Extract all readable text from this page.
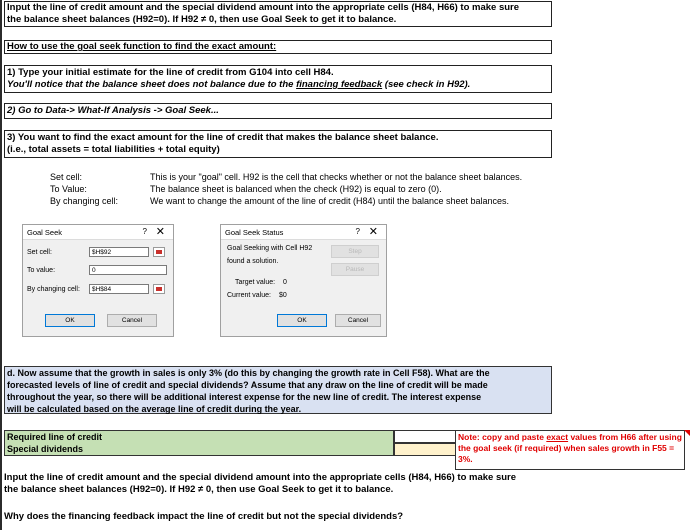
Input the line of credit amount and the special dividend amount into the appropriate cells (H84, H66) to make sure
the balance sheet balances (H92=0). If H92 ≠ 0, then use Goal Seek to get it to balance.
How to use the goal seek function to find the exact amount:
1) Type your initial estimate for the line of credit from G104 into cell H84.
You'll notice that the balance sheet does not balance due to the financing feedback (see check in H92).
2) Go to Data-> What-If Analysis -> Goal Seek...
3) You want to find the exact amount for the line of credit that makes the balance sheet balance.
(i.e., total assets = total liabilities + total equity)
Set cell:	This is your "goal" cell. H92 is the cell that checks whether or not the balance sheet balances.
To Value:	The balance sheet is balanced when the check (H92) is equal to zero (0).
By changing cell:	We want to change the amount of the line of credit (H84) until the balance sheet balances.
Goal Seek	? ✕
Set cell:	$H$92
To value:	0
By changing cell:	$H$84
OK	Cancel
Goal Seek Status	? ✕
Goal Seeking with Cell H92
found a solution.
Step
Pause
Target value: 0
Current value: $0
OK	Cancel
d. Now assume that the growth in sales is only 3% (do this by changing the growth rate in Cell F58). What are the
forecasted levels of line of credit and special dividends? Assume that any draw on the line of credit will be made
throughout the year, so there will be additional interest expense for the new line of credit. The interest expense
will be calculated based on the average line of credit during the year.
Required line of credit
Special dividends
Note: copy and paste exact values from H66 after using the goal seek (if required) when sales growth in F55 = 3%.
Input the line of credit amount and the special dividend amount into the appropriate cells (H84, H66) to make sure
the balance sheet balances (H92=0). If H92 ≠ 0, then use Goal Seek to get it to balance.
Why does the financing feedback impact the line of credit but not the special dividends?
